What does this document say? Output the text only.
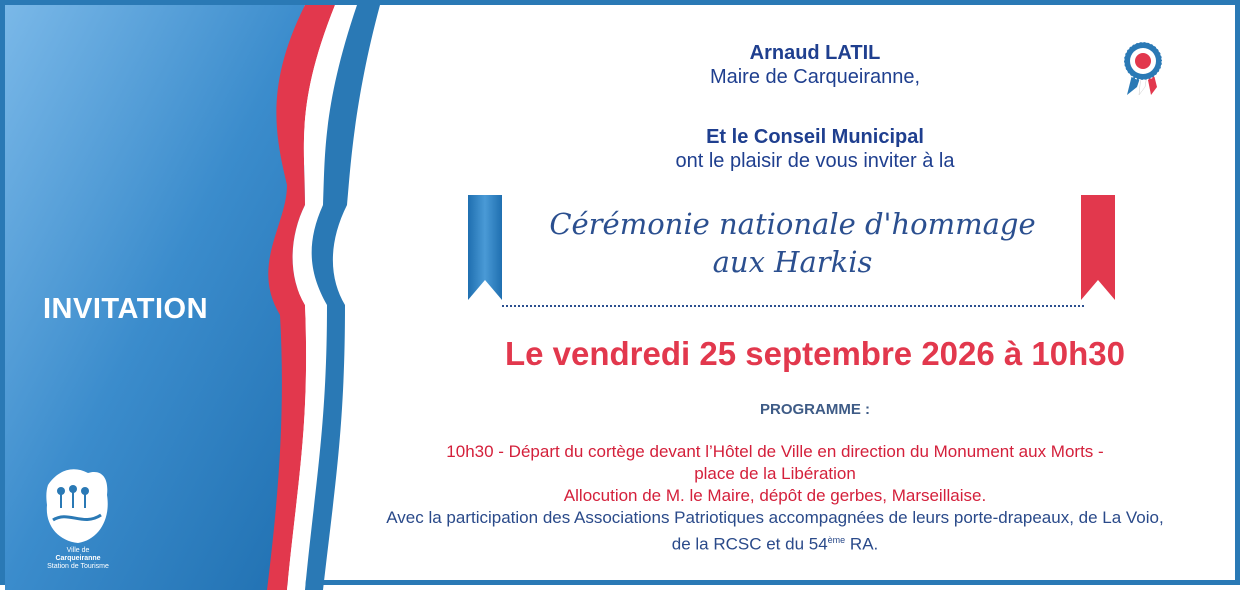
INVITATION
Ville de
Carqueiranne
Station de Tourisme
Arnaud LATIL
Maire de Carqueiranne,
Et le Conseil Municipal
ont le plaisir de vous inviter à la
Cérémonie nationale d'hommage
aux Harkis
Le vendredi 25 septembre 2026 à 10h30
PROGRAMME :
10h30 - Départ du cortège devant l’Hôtel de Ville en direction du Monument aux Morts -
place de la Libération
Allocution de M. le Maire, dépôt de gerbes, Marseillaise.
Avec la participation des Associations Patriotiques accompagnées de leurs porte-drapeaux, de La Voio,
de la RCSC et du 54ème RA.
